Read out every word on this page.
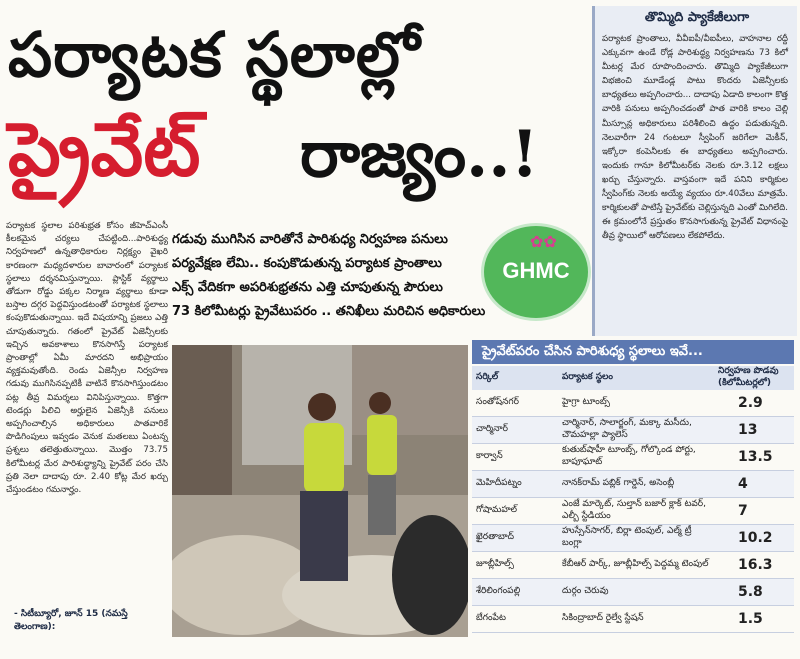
పర్యాటక స్థలాల్లో
ప్రైవేట్ రాజ్యం..!
తొమ్మిది ప్యాకేజీలుగా
పర్యాటక ప్రాంతాలు, వీవీఐపీ/వీఐపీలు, వాహనాల రద్దీ ఎక్కువగా ఉండే రోడ్ల పారిశుద్ధ్య నిర్వహణను 73 కిలో మీటర్ల మేర రూపొందించారు. తొమ్మిది ప్యాకేజీలుగా విభజించి మూడేండ్ల పాటు కొందరు ఏజెన్సీలకు బాధ్యతలు అప్పగించారు... దాదాపు ఏడాది కాలంగా కొత్త వారికి పనులు అప్పగించడంతో పాత వారికి కాలం చెల్లి మీస్సూన్ల అధికారులు పరిశీలించి ఉద్దం పడుతున్నది. నెలవారీగా 24 గంటలూ స్వీపింగ్ జరిగేలా మెకీన్, ఇక్కోరా కంపెనీలకు ఈ బాధ్యతలు అప్పగించారు. ఇందుకు గానూ కిలోమీటర్‌కు నెలకు రూ.3.12 లక్షలు ఖర్చు చేస్తున్నారు. వాస్తవంగా ఇదే పనిని కార్మికుల స్వీపింగ్‌కు నెలకు అయ్యే వ్యయం రూ.40వేలు మాత్రమే. కార్మికులతో పాటిస్తే ప్రైవేట్‌కు చెల్లిస్తున్నది ఎంతో మిగిలేది. ఈ క్రమంలోనే ప్రస్తుతం కొనసాగుతున్న ప్రైవేట్ విధానంపై తీవ్ర స్థాయిలో ఆరోపణలు లేకపోలేదు.

పర్యాటక స్థలాల పరిశుభ్రత కోసం జీహెచ్ఎంసీ కీలకమైన చర్యలు చేపట్టింది...పారిశుద్ధ్య నిర్వహణలో ఉన్నతాధికారుల నిర్లక్ష్యం వైఖరి కారణంగా మధ్యదళారుల బావారంలో పర్యాటక స్థలాలు దర్శనమిస్తున్నాయి. ప్లాస్టిక్ వ్యర్థాలు తోడుగా రోడ్డు పక్కల నిర్మాణ వ్యర్థాలు కూడా బస్తాల దగ్గర పెద్దవిస్తుండటంతో పర్యాటక స్థలాలు కంపుకొడుతున్నాయి. ఇదే విషయాన్ని ప్రజలు ఎత్తి చూపుతున్నారు. గతంలో ప్రైవేట్ ఏజెన్సీలకు ఇచ్చిన అవకాశాలు కొనసాగిస్తే పర్యాటక ప్రాంతాల్లో ఏమీ మారదని అభిప్రాయం వ్యక్తమవుతోంది. రెండు ఏజెన్సీల నిర్వహణ గడువు ముగిసినప్పటికీ వాటినే కొనసాగిస్తుండటం పట్ల తీవ్ర విమర్శలు వినిపిస్తున్నాయి. కొత్తగా టెండర్లు పిలిచి అర్హులైన ఏజెన్సీకి పనులు అప్పగించాల్సిన అధికారులు పాతవారికే పొడిగింపులు ఇవ్వడం వెనుక మతలబు ఏంటన్న ప్రశ్నలు తలెత్తుతున్నాయి. మొత్తం 73.75 కిలోమీటర్ల మేర పారిశుద్ధ్యాన్ని ప్రైవేట్ పరం చేసి ప్రతి నెలా దాదాపు రూ. 2.40 కోట్ల మేర ఖర్చు చేస్తుండటం గమనార్హం.

- సిటీబ్యూరో, జూన్ 15 (నమస్తే తెలంగాణ):
గడువు ముగిసిన వారితోనే పారిశుధ్య నిర్వహణ పనులు
పర్యవేక్షణ లేమి.. కంపుకొడుతున్న పర్యాటక ప్రాంతాలు
ఎక్స్ వేదికగా అపరిశుభ్రతను ఎత్తి చూపుతున్న పౌరులు
73 కిలోమీటర్లు ప్రైవేటుపరం .. తనిఖీలు మరిచిన అధికారులు
✿✿
GHMC
ప్రైవేట్‌పరం చేసిన పారిశుధ్య స్థలాలు ఇవే...
సర్కిల్	పర్యాటక స్థలం	నిర్వహణ పొడవు (కిలోమీటర్లలో)
సంతోష్‌నగర్	హైగ్రా టూంబ్స్	2.9
చార్మినార్	చార్మినార్, సాలార్జంగ్, మక్కా మసీదు, చౌమహల్లా ప్యాలెస్	13
కార్వాన్	కుతుబ్‌షాహీ టూంబ్స్, గోల్కొండ పోర్టు, బాపూఘాట్	13.5
మెహిదీపట్నం	నానక్‌రామ్ పబ్లిక్ గార్డెన్, అసెంబ్లీ	4
గోషామహల్	ఎంజే మార్కెట్, సుల్తాన్ బజార్ క్లాక్ టవర్, ఎల్బీ స్టేడియం	7
ఖైరతాబాద్	హుస్సేన్‌సాగర్, బిర్లా టెంపుల్, ఎల్మ్ ట్రీ బంగ్లా	10.2
జూబ్లీహిల్స్	కేబీఆర్ పార్క్, జూబ్లీహిల్స్ పెద్దమ్మ టెంపుల్	16.3
శేరిలింగంపల్లి	దుర్గం చెరువు	5.8
బేగంపేట	సికింద్రాబాద్ రైల్వే స్టేషన్	1.5
